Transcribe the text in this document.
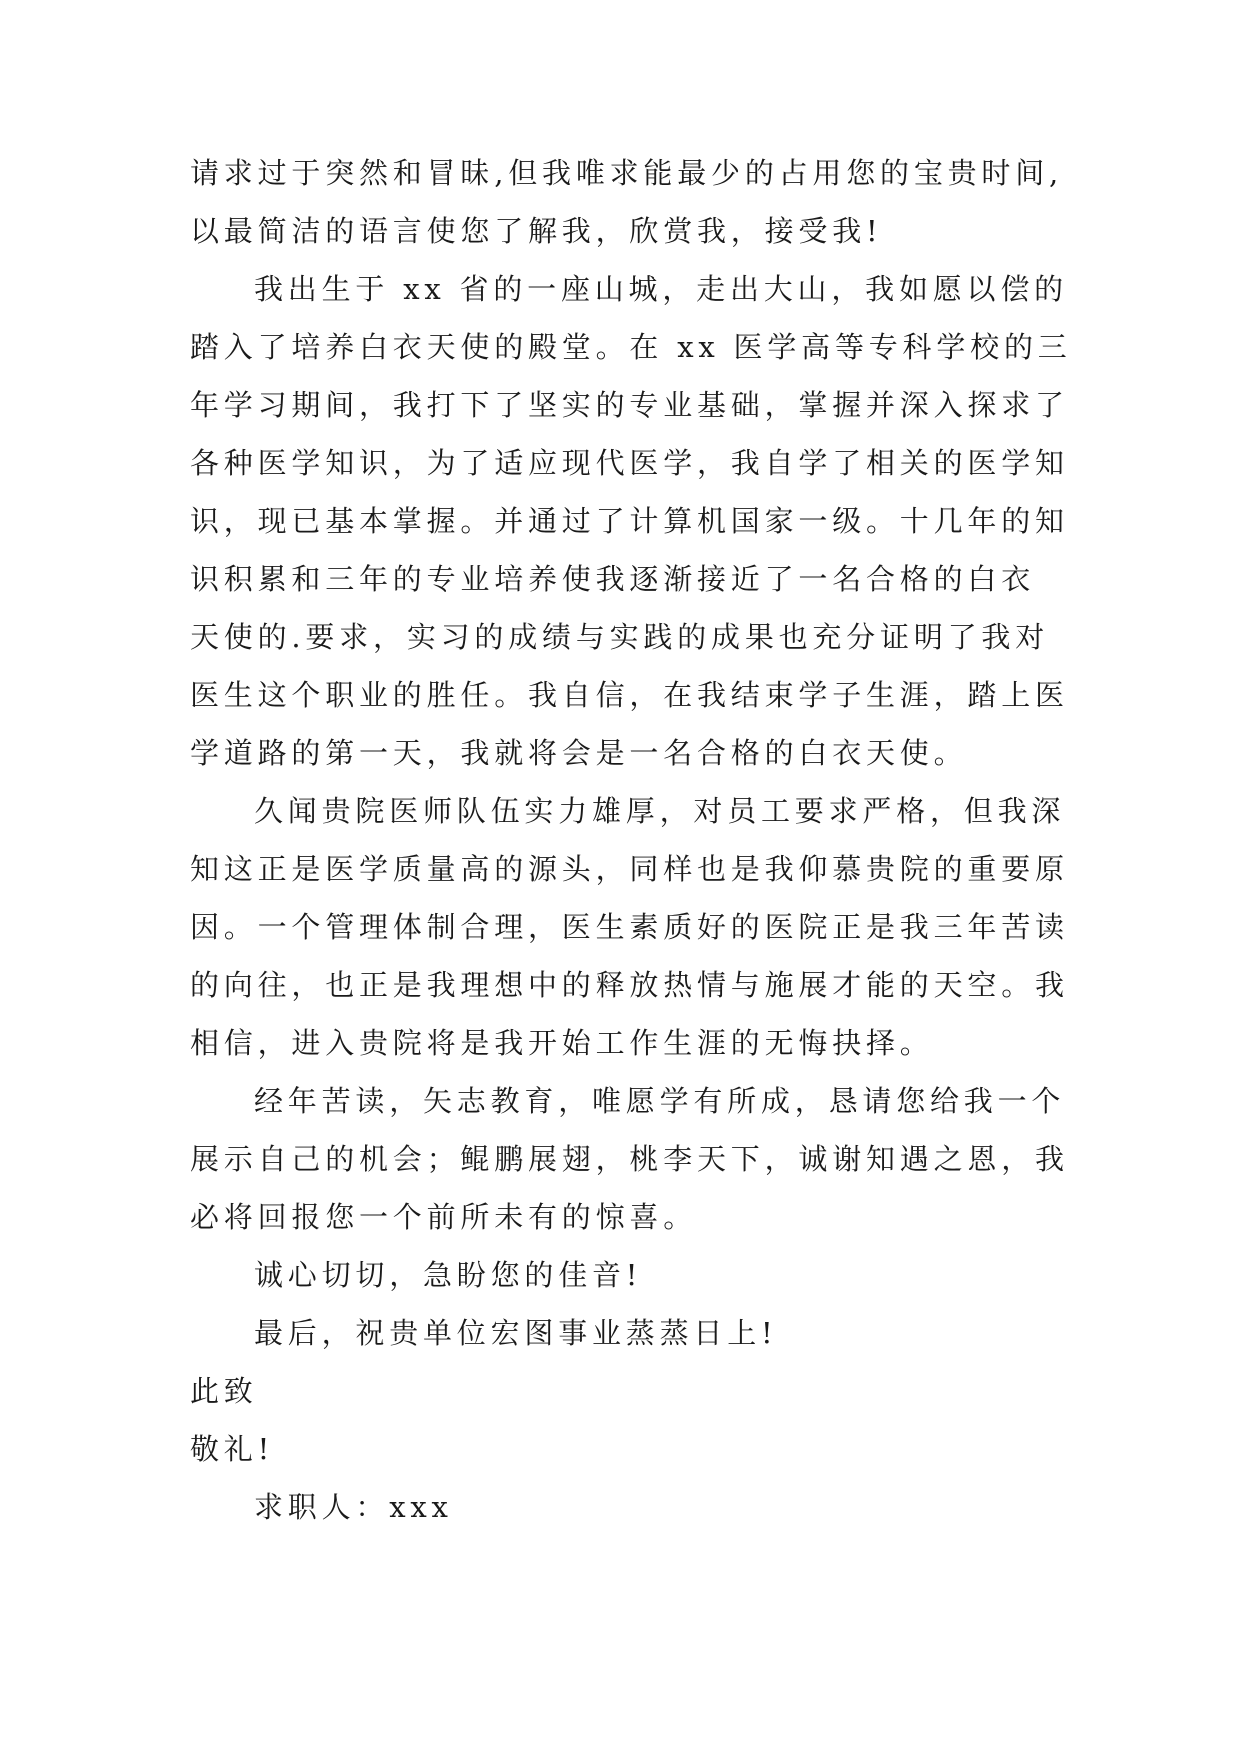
请求过于突然和冒昧,但我唯求能最少的占用您的宝贵时间,
以最简洁的语言使您了解我，欣赏我，接受我!
我出生于 xx 省的一座山城，走出大山，我如愿以偿的
踏入了培养白衣天使的殿堂。在 xx 医学高等专科学校的三
年学习期间，我打下了坚实的专业基础，掌握并深入探求了
各种医学知识，为了适应现代医学，我自学了相关的医学知
识，现已基本掌握。并通过了计算机国家一级。十几年的知
识积累和三年的专业培养使我逐渐接近了一名合格的白衣
天使的.要求，实习的成绩与实践的成果也充分证明了我对
医生这个职业的胜任。我自信，在我结束学子生涯，踏上医
学道路的第一天，我就将会是一名合格的白衣天使。
久闻贵院医师队伍实力雄厚，对员工要求严格，但我深
知这正是医学质量高的源头，同样也是我仰慕贵院的重要原
因。一个管理体制合理，医生素质好的医院正是我三年苦读
的向往，也正是我理想中的释放热情与施展才能的天空。我
相信，进入贵院将是我开始工作生涯的无悔抉择。
经年苦读，矢志教育，唯愿学有所成，恳请您给我一个
展示自己的机会；鲲鹏展翅，桃李天下，诚谢知遇之恩，我
必将回报您一个前所未有的惊喜。
诚心切切，急盼您的佳音!
最后，祝贵单位宏图事业蒸蒸日上!
此致
敬礼!
求职人：xxx
